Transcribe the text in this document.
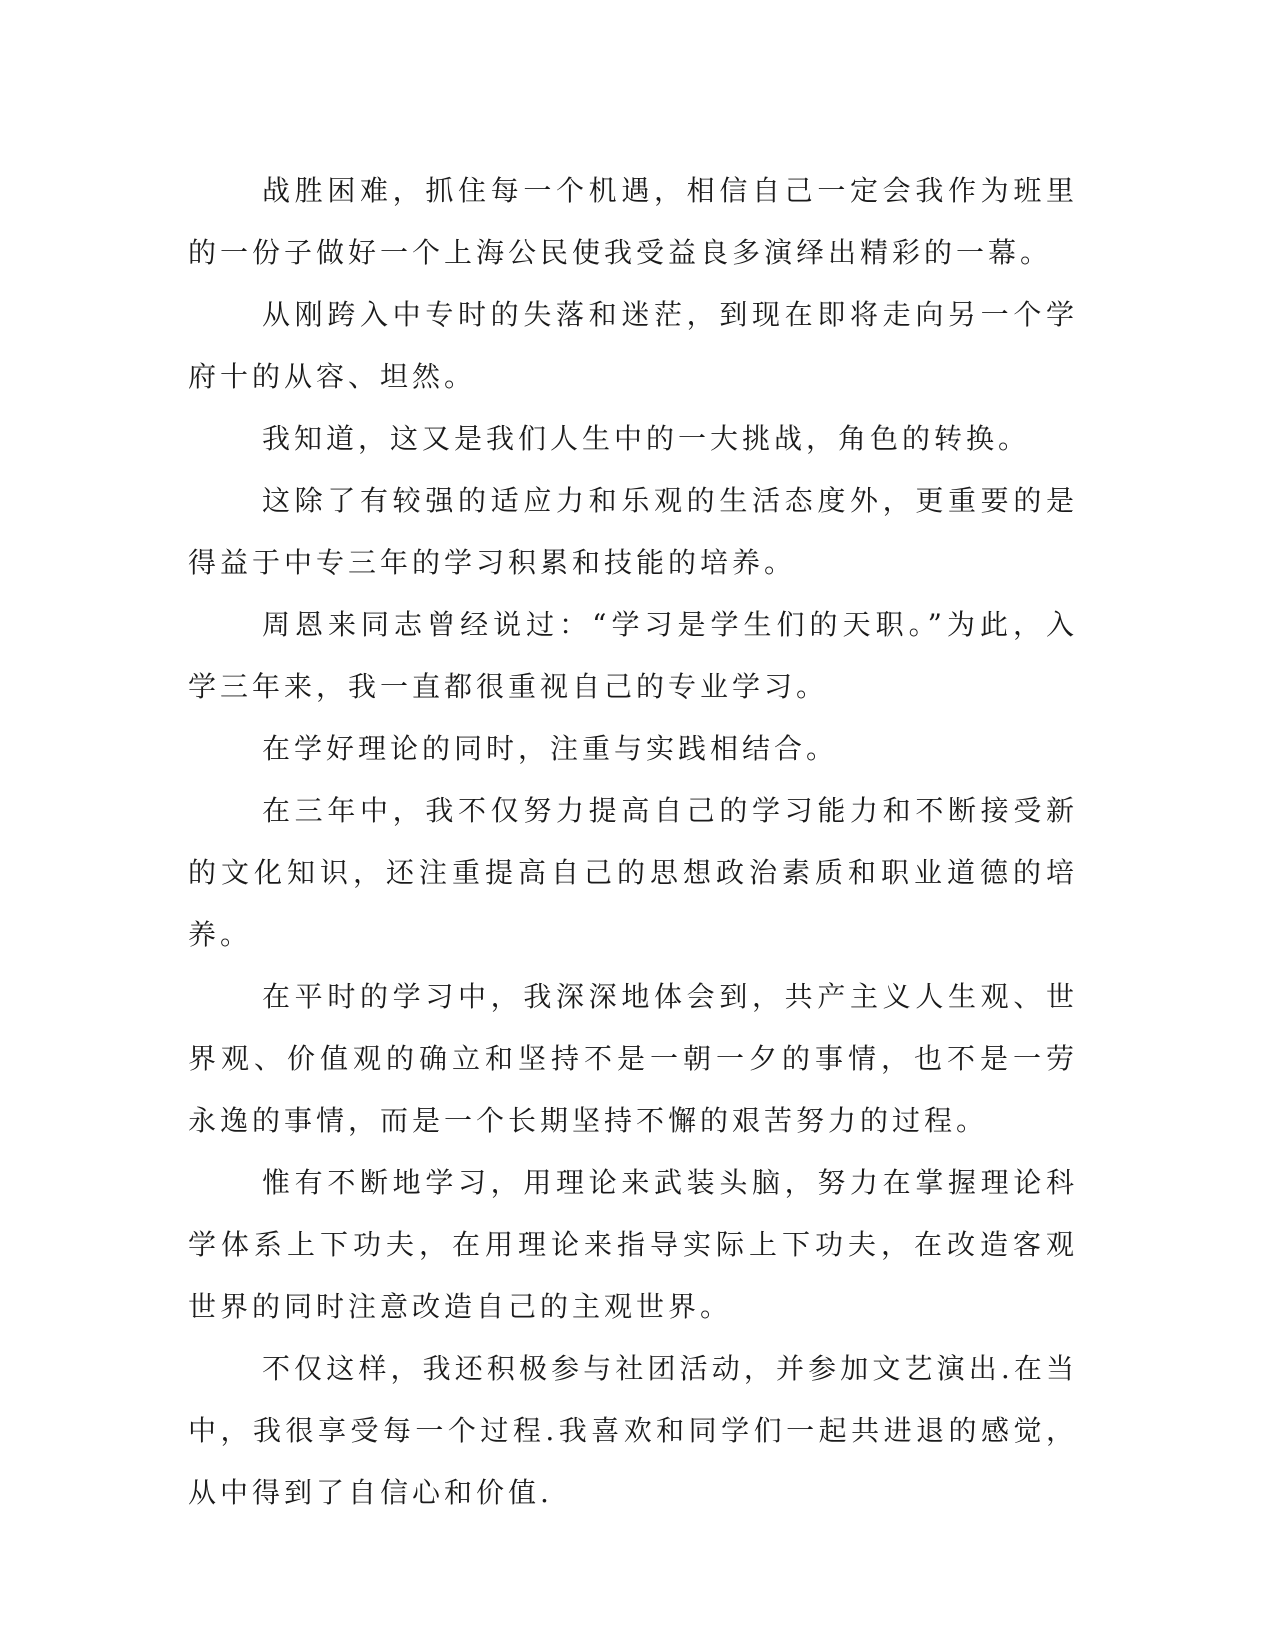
战胜困难，抓住每一个机遇，相信自己一定会我作为班里的一份子做好一个上海公民使我受益良多演绎出精彩的一幕。

从刚跨入中专时的失落和迷茫，到现在即将走向另一个学府十的从容、坦然。

我知道，这又是我们人生中的一大挑战，角色的转换。

这除了有较强的适应力和乐观的生活态度外，更重要的是得益于中专三年的学习积累和技能的培养。

周恩来同志曾经说过：“学习是学生们的天职。”为此，入学三年来，我一直都很重视自己的专业学习。

在学好理论的同时，注重与实践相结合。

在三年中，我不仅努力提高自己的学习能力和不断接受新的文化知识，还注重提高自己的思想政治素质和职业道德的培养。

在平时的学习中，我深深地体会到，共产主义人生观、世界观、价值观的确立和坚持不是一朝一夕的事情，也不是一劳永逸的事情，而是一个长期坚持不懈的艰苦努力的过程。

惟有不断地学习，用理论来武装头脑，努力在掌握理论科学体系上下功夫，在用理论来指导实际上下功夫，在改造客观世界的同时注意改造自己的主观世界。

不仅这样，我还积极参与社团活动，并参加文艺演出.在当中，我很享受每一个过程.我喜欢和同学们一起共进退的感觉，从中得到了自信心和价值.
